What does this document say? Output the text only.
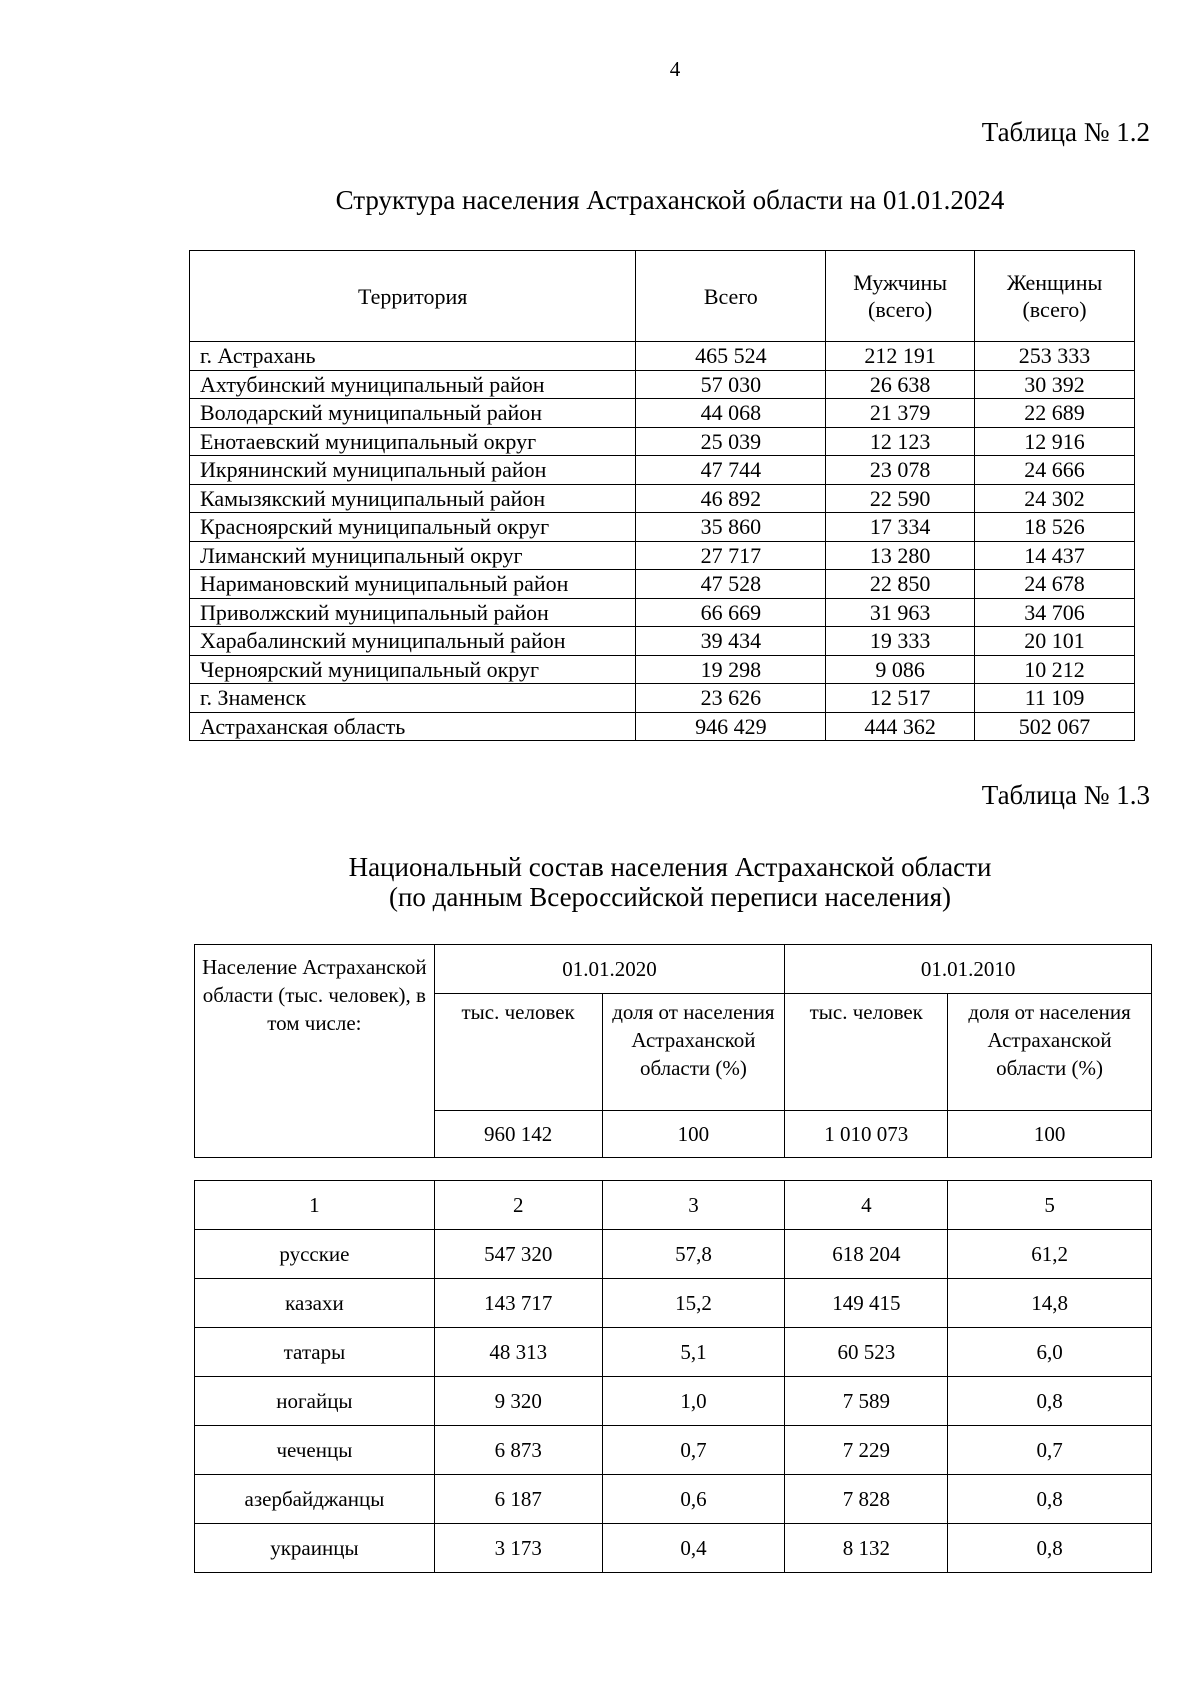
4
Таблица № 1.2
Структура населения Астраханской области на 01.01.2024
Территория	Всего	Мужчины (всего)	Женщины (всего)
г. Астрахань	465 524	212 191	253 333
Ахтубинский муниципальный район	57 030	26 638	30 392
Володарский муниципальный район	44 068	21 379	22 689
Енотаевский муниципальный округ	25 039	12 123	12 916
Икрянинский муниципальный район	47 744	23 078	24 666
Камызякский муниципальный район	46 892	22 590	24 302
Красноярский муниципальный округ	35 860	17 334	18 526
Лиманский муниципальный округ	27 717	13 280	14 437
Наримановский муниципальный район	47 528	22 850	24 678
Приволжский муниципальный район	66 669	31 963	34 706
Харабалинский муниципальный район	39 434	19 333	20 101
Черноярский муниципальный округ	19 298	9 086	10 212
г. Знаменск	23 626	12 517	11 109
Астраханская область	946 429	444 362	502 067
Таблица № 1.3
Национальный состав населения Астраханской области
(по данным Всероссийской переписи населения)
Население Астраханской области (тыс. человек), в том числе:	01.01.2020		01.01.2010	
	тыс. человек	доля от населения Астраханской области (%)	тыс. человек	доля от населения Астраханской области (%)
	960 142	100	1 010 073	100
1	2	3	4	5
русские	547 320	57,8	618 204	61,2
казахи	143 717	15,2	149 415	14,8
татары	48 313	5,1	60 523	6,0
ногайцы	9 320	1,0	7 589	0,8
чеченцы	6 873	0,7	7 229	0,7
азербайджанцы	6 187	0,6	7 828	0,8
украинцы	3 173	0,4	8 132	0,8
